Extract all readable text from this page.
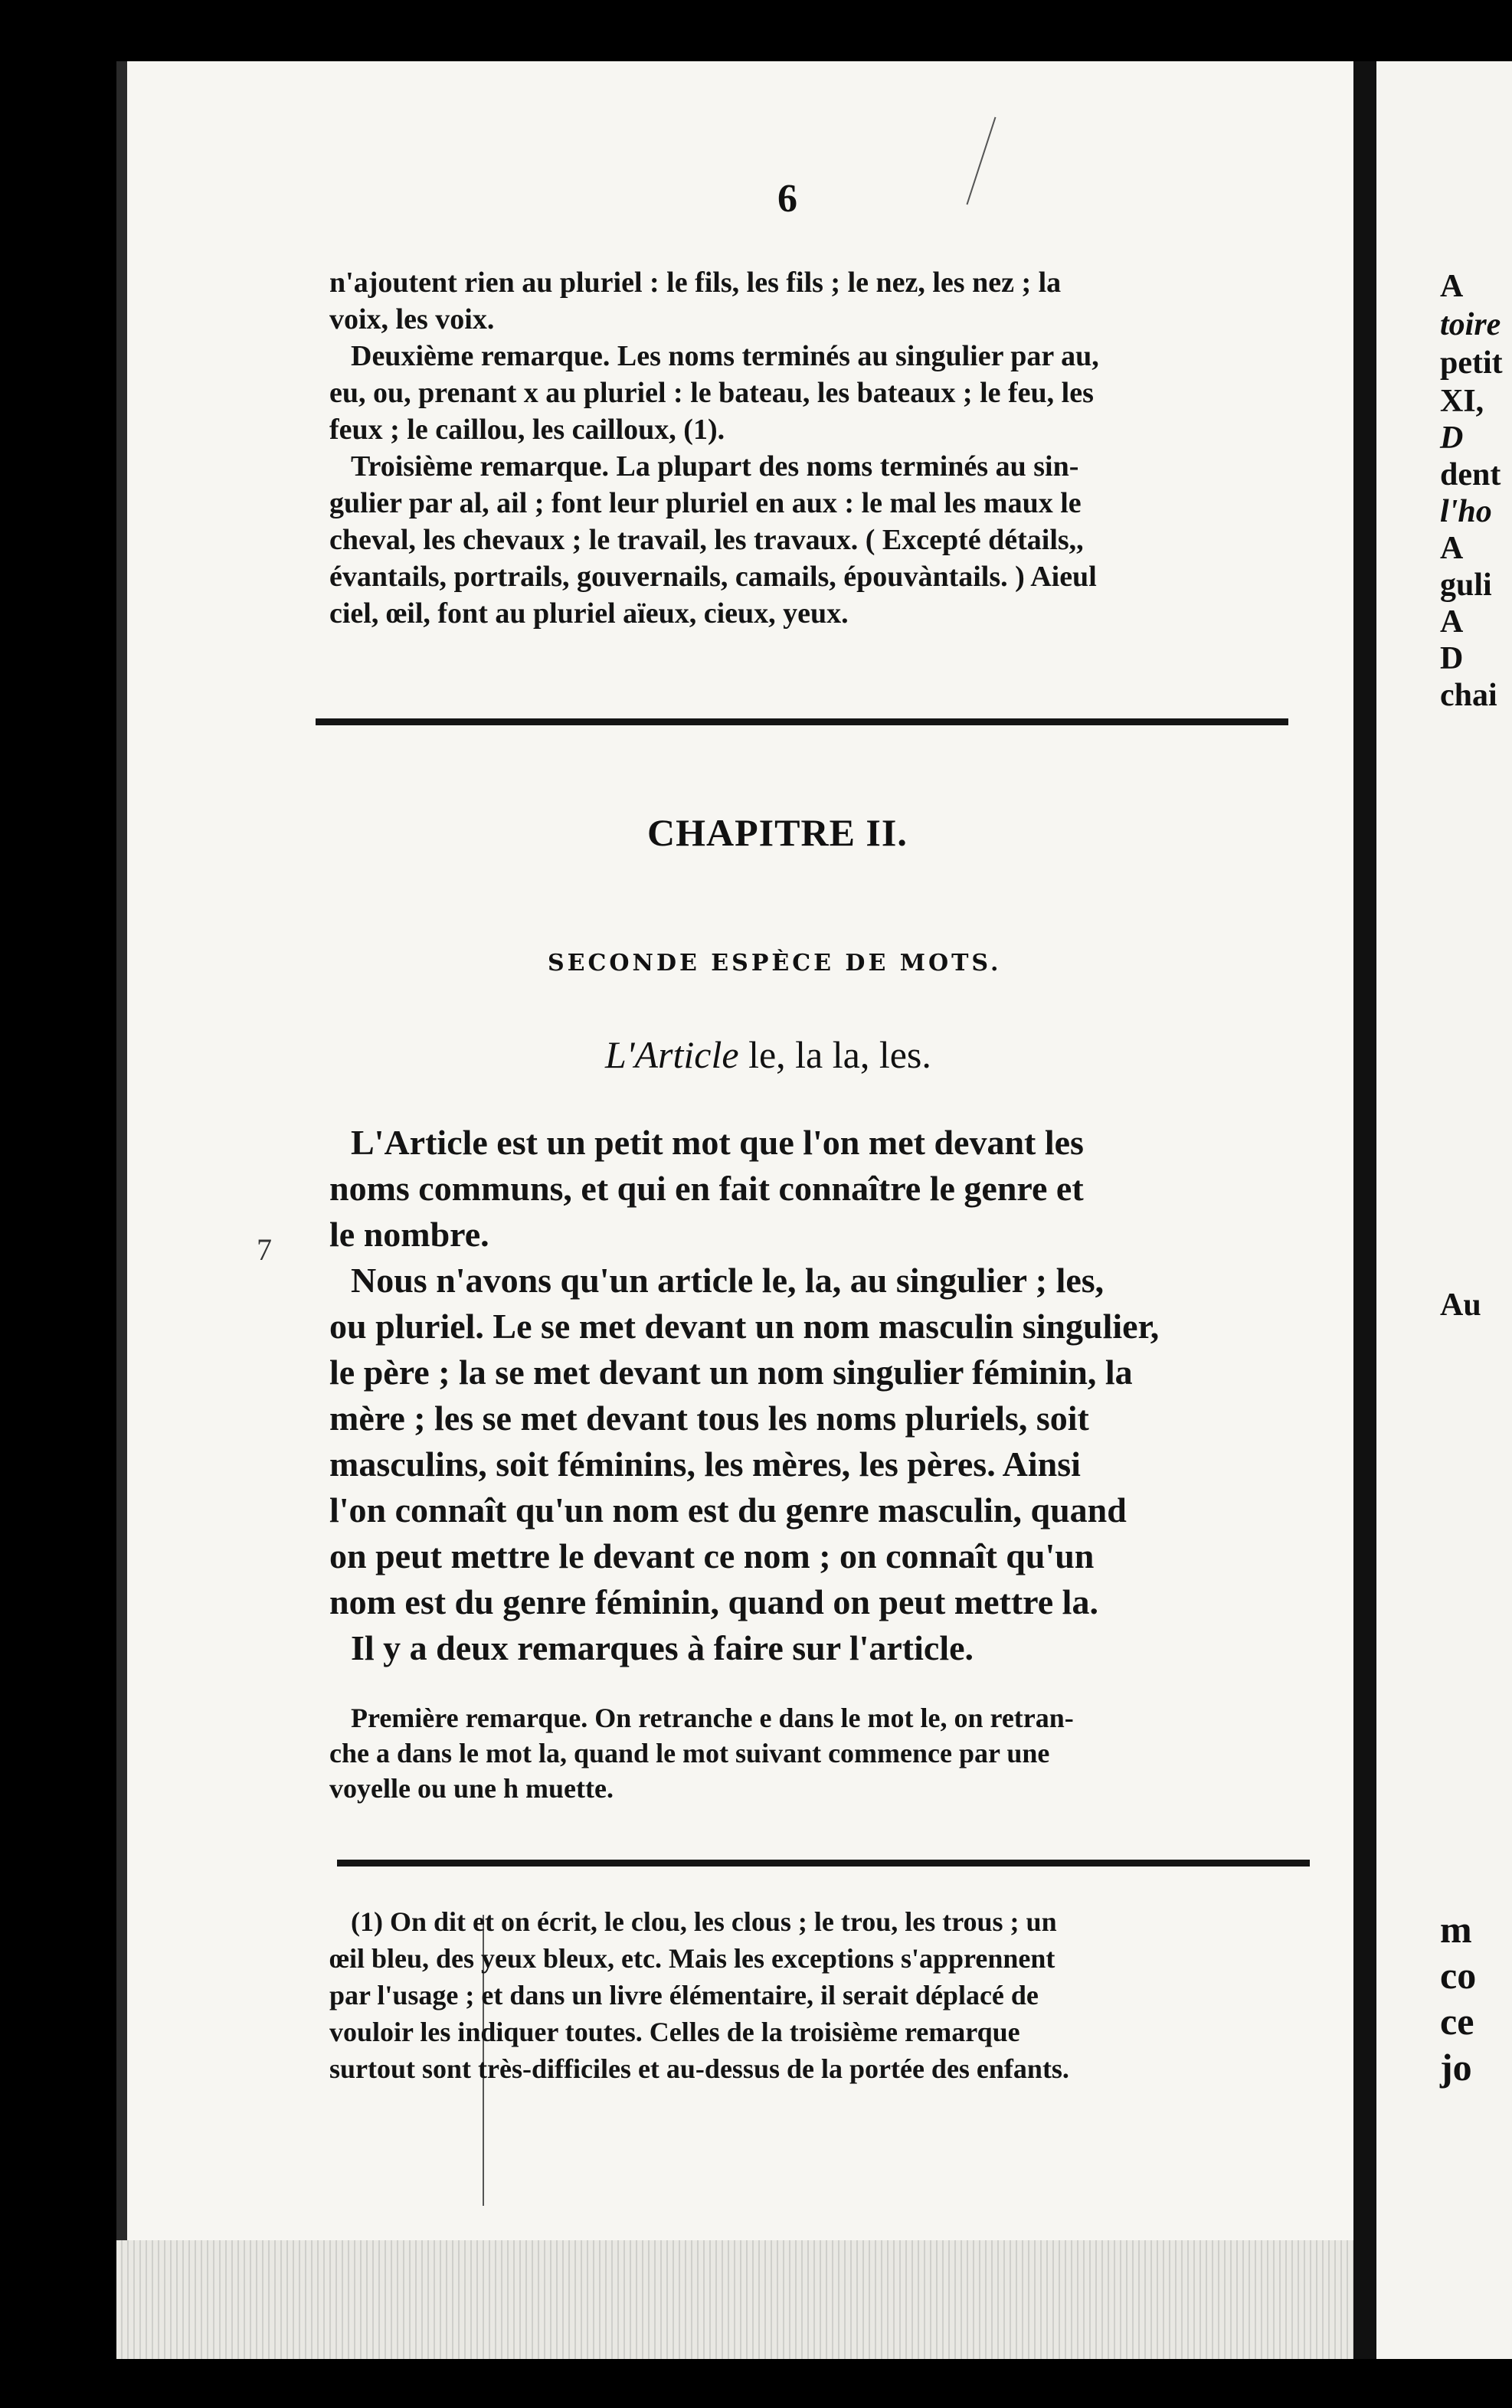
A
toire
petit
XI,
D
dent
l'ho
A
guli
A
D
chai
Au
m
co
ce
jo
6
n'ajoutent rien au pluriel : le fils, les fils ; le nez, les nez ; la
voix, les voix.
Deuxième remarque. Les noms terminés au singulier par au,
eu, ou, prenant x au pluriel : le bateau, les bateaux ; le feu, les
feux ; le caillou, les cailloux, (1).
Troisième remarque. La plupart des noms terminés au sin-
gulier par al, ail ; font leur pluriel en aux : le mal les maux le
cheval, les chevaux ; le travail, les travaux. ( Excepté détails,,
évantails, portrails, gouvernails, camails, épouvàntails. ) Aieul
ciel, œil, font au pluriel aïeux, cieux, yeux.
CHAPITRE II.
SECONDE ESPÈCE DE MOTS.
L'Article le, la la, les.
L'Article est un petit mot que l'on met devant les
noms communs, et qui en fait connaître le genre et
le nombre.
Nous n'avons qu'un article le, la, au singulier ; les,
ou pluriel. Le se met devant un nom masculin singulier,
le père ; la se met devant un nom singulier féminin, la
mère ; les se met devant tous les noms pluriels, soit
masculins, soit féminins, les mères, les pères. Ainsi
l'on connaît qu'un nom est du genre masculin, quand
on peut mettre le devant ce nom ; on connaît qu'un
nom est du genre féminin, quand on peut mettre la.
Il y a deux remarques à faire sur l'article.
7
Première remarque. On retranche e dans le mot le, on retran-
che a dans le mot la, quand le mot suivant commence par une
voyelle ou une h muette.
(1) On dit et on écrit, le clou, les clous ; le trou, les trous ; un
œil bleu, des yeux bleux, etc. Mais les exceptions s'apprennent
par l'usage ; et dans un livre élémentaire, il serait déplacé de
vouloir les indiquer toutes. Celles de la troisième remarque
surtout sont très-difficiles et au-dessus de la portée des enfants.
